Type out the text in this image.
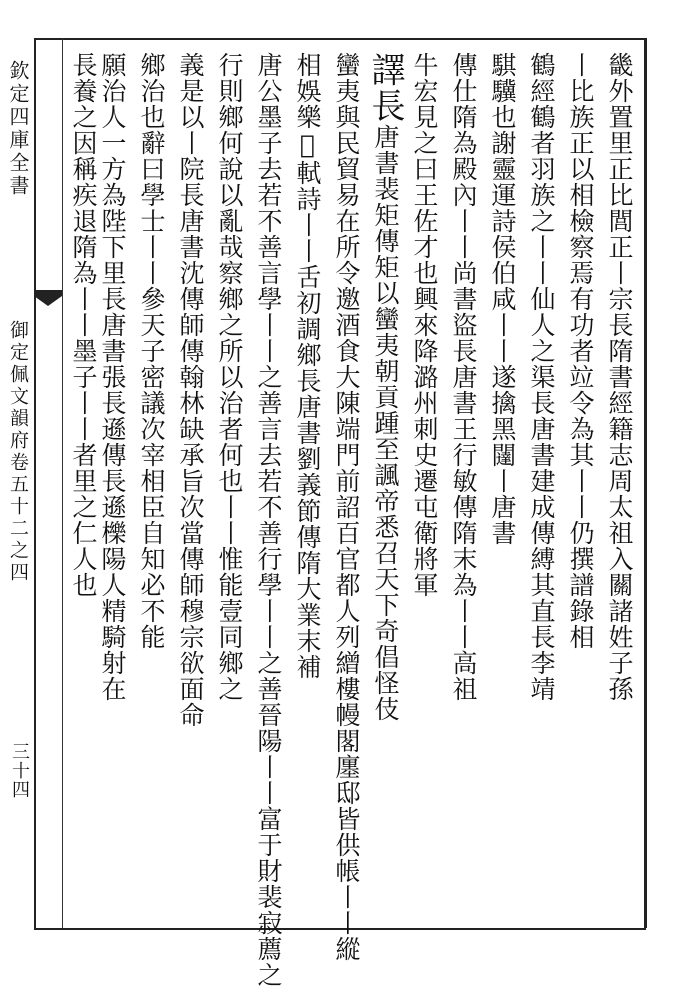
欽定四庫全書
御定佩文韻府卷五十二之四
三十四
畿外置里正比閭正丨宗長隋書經籍志周太祖入關諸姓子孫
丨比族正以相檢察焉有功者竝令為其丨丨仍撰譜錄相
鶴經鶴者羽族之丨丨仙人之渠長唐書建成傳縛其直長李靖
騏驥也謝靈運詩侯伯咸丨丨遂擒黑闥丨唐書
傳仕隋為殿內丨丨尚書盜長唐書王行敏傳隋末為丨丨高祖
牛宏見之曰王佐才也興來降潞州刺史遷屯衛將軍
譯長唐書裴矩傳矩以蠻夷朝貢踵至諷帝悉召天下奇倡怪伎
蠻夷與民貿易在所令邀酒食大陳端門前詔百官都人列繒樓幔閣廛邸皆供帳丨丨縱
相娛樂𢧐軾詩丨丨舌初調鄉長唐書劉義節傳隋大業末補
唐公墨子去若不善言學丨丨之善言去若不善行學丨丨之善晉陽丨丨富于財裴寂薦之
行則鄉何說以亂哉察鄉之所以治者何也丨丨惟能壹同鄉之
義是以丨院長唐書沈傳師傳翰林缺承旨次當傳師穆宗欲面命
鄉治也辭曰學士丨丨參天子密議次宰相臣自知必不能
願治人一方為陛下里長唐書張長遜傳長遜櫟陽人精騎射在
長養之因稱疾退隋為丨丨墨子丨丨者里之仁人也
